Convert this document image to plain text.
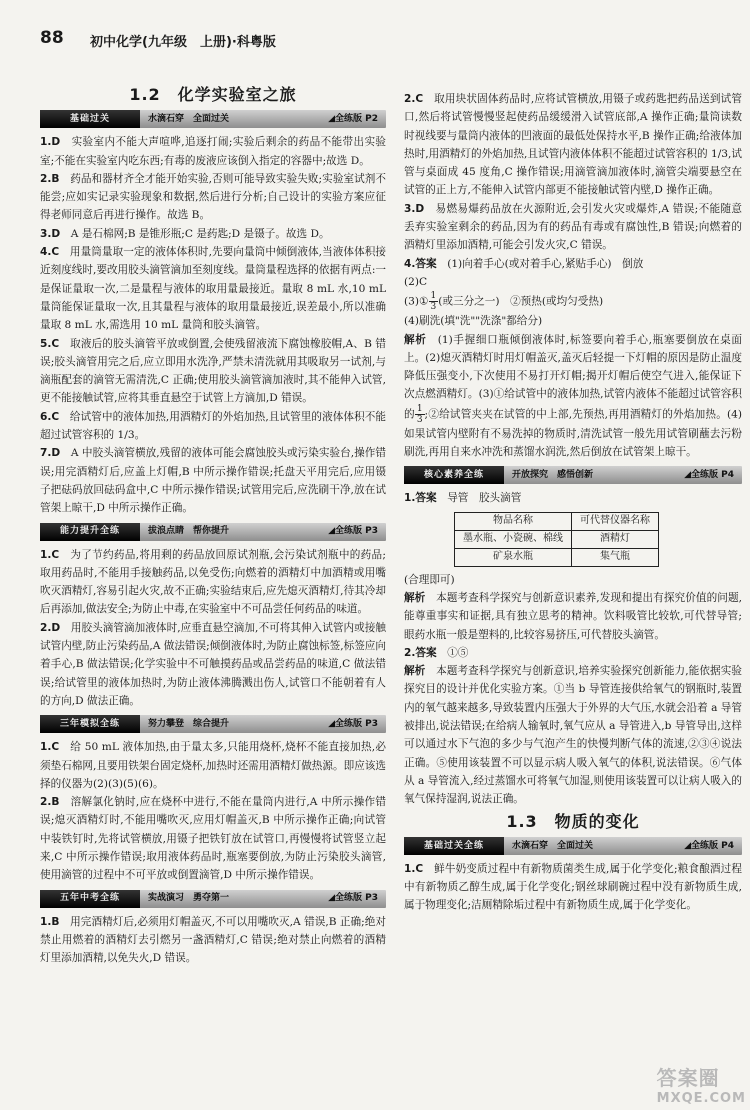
88 初中化学(九年级　上册)·科粤版
1.2　化学实验室之旅
基础过关	水滴石穿　全面过关	◢全练版 P2

1.D　 实验室内不能大声喧哗,追逐打闹;实验后剩余的药品不能带出实验室;不能在实验室内吃东西;有毒的废液应该倒入指定的容器中;故选 D。

2.B　 药品和器材齐全才能开始实验,否则可能导致实验失败;实验室试剂不能尝;应如实记录实验现象和数据,然后进行分析;自己设计的实验方案应征得老师同意后再进行操作。故选 B。

3.D　 A 是石棉网;B 是锥形瓶;C 是药匙;D 是镊子。故选 D。

4.C　 用量筒量取一定的液体体积时,先要向量筒中倾倒液体,当液体体积接近刻度线时,要改用胶头滴管滴加至刻度线。量筒量程选择的依据有两点:一是保证量取一次,二是量程与液体的取用量最接近。量取 8 mL 水,10 mL 量筒能保证量取一次,且其量程与液体的取用量最接近,误差最小,所以准确量取 8 mL 水,需选用 10 mL 量筒和胶头滴管。

5.C　 取液后的胶头滴管平放或倒置,会使残留液流下腐蚀橡胶帽,A、B 错误;胶头滴管用完之后,应立即用水洗净,严禁未清洗就用其吸取另一试剂,与滴瓶配套的滴管无需清洗,C 正确;使用胶头滴管滴加液时,其不能伸入试管,更不能接触试管,应将其垂直悬空于试管上方滴加,D 错误。

6.C　 给试管中的液体加热,用酒精灯的外焰加热,且试管里的液体体积不能超过试管容积的 1/3。

7.D　 A 中胶头滴管横放,残留的液体可能会腐蚀胶头或污染实验台,操作错误;用完酒精灯后,应盖上灯帽,B 中所示操作错误;托盘天平用完后,应用镊子把砝码放回砝码盒中,C 中所示操作错误;试管用完后,应洗刷干净,放在试管架上晾干,D 中所示操作正确。

能力提升全练	拔浪点睛　帮你提升	◢全练版 P3

1.C　 为了节约药品,将用剩的药品放回原试剂瓶,会污染试剂瓶中的药品;取用药品时,不能用手接触药品,以免受伤;向燃着的酒精灯中加酒精或用嘴吹灭酒精灯,容易引起火灾,故不正确;实验结束后,应先熄灭酒精灯,待其冷却后再添加,做法安全;为防止中毒,在实验室中不可品尝任何药品的味道。

2.D　 用胶头滴管滴加液体时,应垂直悬空滴加,不可将其伸入试管内或接触试管内壁,防止污染药品,A 做法错误;倾倒液体时,为防止腐蚀标签,标签应向着手心,B 做法错误;化学实验中不可触摸药品或品尝药品的味道,C 做法错误;给试管里的液体加热时,为防止液体沸腾溅出伤人,试管口不能朝着有人的方向,D 做法正确。

三年模拟全练	努力攀登　综合提升	◢全练版 P3

1.C　 给 50 mL 液体加热,由于量太多,只能用烧杯,烧杯不能直接加热,必须垫石棉网,且要用铁架台固定烧杯,加热时还需用酒精灯做热源。即应该选择的仪器为(2)(3)(5)(6)。

2.B　 溶解氯化钠时,应在烧杯中进行,不能在量筒内进行,A 中所示操作错误;熄灭酒精灯时,不能用嘴吹灭,应用灯帽盖灭,B 中所示操作正确;向试管中装铁钉时,先将试管横放,用镊子把铁钉放在试管口,再慢慢将试管竖立起来,C 中所示操作错误;取用液体药品时,瓶塞要倒放,为防止污染胶头滴管,使用滴管的过程中不可平放或倒置滴管,D 中所示操作错误。

五年中考全练	实战演习　勇夺第一	◢全练版 P3

1.B　 用完酒精灯后,必须用灯帽盖灭,不可以用嘴吹灭,A 错误,B 正确;绝对禁止用燃着的酒精灯去引燃另一盏酒精灯,C 错误;绝对禁止向燃着的酒精灯里添加酒精,以免失火,D 错误。

2.C　 取用块状固体药品时,应将试管横放,用镊子或药匙把药品送到试管口,然后将试管慢慢竖起使药品缓缓滑入试管底部,A 操作正确;量筒读数时视线要与量筒内液体的凹液面的最低处保持水平,B 操作正确;给液体加热时,用酒精灯的外焰加热,且试管内液体体积不能超过试管容积的 1/3,试管与桌面成 45 度角,C 操作错误;用滴管滴加液体时,滴管尖端要悬空在试管的正上方,不能伸入试管内部更不能接触试管内壁,D 操作正确。

3.D　 易燃易爆药品放在火源附近,会引发火灾或爆炸,A 错误;不能随意丢弃实验室剩余的药品,因为有的药品有毒或有腐蚀性,B 错误;向燃着的酒精灯里添加酒精,可能会引发火灾,C 错误。

4.答案　 (1)向着手心(或对着手心,紧贴手心)　倒放

(2)C

(3)① $\frac{1}{3}$ (或三分之一)　②预热(或均匀受热)

(4)刷洗(填"洗""洗涤"都给分)

解析　 (1)手握细口瓶倾倒液体时,标签要向着手心,瓶塞要倒放在桌面上。(2)熄灭酒精灯时用灯帽盖灭,盖灭后轻提一下灯帽的原因是防止温度降低压强变小,下次使用不易打开灯帽;揭开灯帽后使空气进入,能保证下次点燃酒精灯。(3)①给试管中的液体加热,试管内液体不能超过试管容积的 $\frac{1}{3}$ ;②给试管夹夹在试管的中上部,先预热,再用酒精灯的外焰加热。(4)如果试管内壁附有不易洗掉的物质时,清洗试管一般先用试管刷蘸去污粉刷洗,再用自来水冲洗和蒸馏水润洗,然后倒放在试管架上晾干。

核心素养全练	开放探究　感悟创新	◢全练版 P4

1.答案　 导管　胶头滴管

物品名称	可代替仪器名称
墨水瓶、小瓷碗、棉线	酒精灯
矿泉水瓶	集气瓶

(合理即可)

解析　 本题考查科学探究与创新意识素养,发现和提出有探究价值的问题,能尊重事实和证据,具有独立思考的精神。饮料吸管比较软,可代替导管;眼药水瓶一般是塑料的,比较容易挤压,可代替胶头滴管。

2.答案　 ①⑤

解析　 本题考查科学探究与创新意识,培养实验探究创新能力,能依据实验探究目的设计并优化实验方案。①当 b 导管连接供给氧气的钢瓶时,装置内的氧气越来越多,导致装置内压强大于外界的大气压,水就会沿着 a 导管被排出,说法错误;在给病人输氧时,氧气应从 a 导管进入,b 导管导出,这样可以通过水下气泡的多少与气泡产生的快慢判断气体的流速,②③④说法正确。⑤使用该装置不可以显示病人吸入氧气的体积,说法错误。⑥气体从 a 导管流入,经过蒸馏水可将氧气加湿,则使用该装置可以让病人吸入的氧气保持湿润,说法正确。

1.3　物质的变化
基础过关全练	水滴石穿　全面过关	◢全练版 P4

1.C　 鲜牛奶变质过程中有新物质菌类生成,属于化学变化;粮食酿酒过程中有新物质乙醇生成,属于化学变化;钢丝球刷碗过程中没有新物质生成,属于物理变化;洁厕精除垢过程中有新物质生成,属于化学变化。

答案圈
MXQE.COM
